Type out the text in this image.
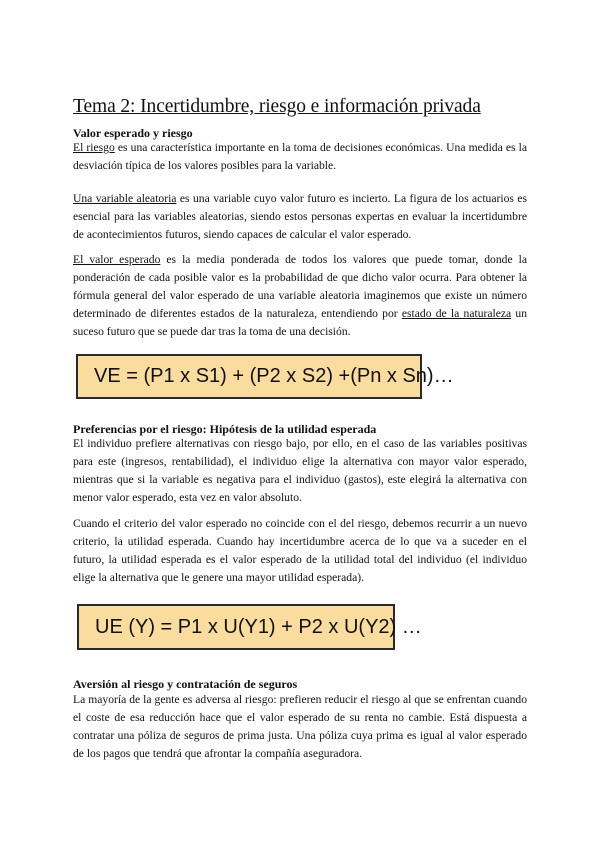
Tema 2: Incertidumbre, riesgo e información privada
Valor esperado y riesgo

El riesgo es una característica importante en la toma de decisiones económicas. Una medida es la desviación típica de los valores posibles para la variable.

Una variable aleatoria es una variable cuyo valor futuro es incierto. La figura de los actuarios es esencial para las variables aleatorias, siendo estos personas expertas en evaluar la incertidumbre de acontecimientos futuros, siendo capaces de calcular el valor esperado.

El valor esperado es la media ponderada de todos los valores que puede tomar, donde la ponderación de cada posible valor es la probabilidad de que dicho valor ocurra. Para obtener la fórmula general del valor esperado de una variable aleatoria imaginemos que existe un número determinado de diferentes estados de la naturaleza, entendiendo por estado de la naturaleza un suceso futuro que se puede dar tras la toma de una decisión.

VE = (P1 x S1) + (P2 x S2) +(Pn x Sn)…
Preferencias por el riesgo: Hipótesis de la utilidad esperada

El individuo prefiere alternativas con riesgo bajo, por ello, en el caso de las variables positivas para este (ingresos, rentabilidad), el individuo elige la alternativa con mayor valor esperado, mientras que si la variable es negativa para el individuo (gastos), este elegirá la alternativa con menor valor esperado, esta vez en valor absoluto.

Cuando el criterio del valor esperado no coincide con el del riesgo, debemos recurrir a un nuevo criterio, la utilidad esperada. Cuando hay incertidumbre acerca de lo que va a suceder en el futuro, la utilidad esperada es el valor esperado de la utilidad total del individuo (el individuo elige la alternativa que le genere una mayor utilidad esperada).

UE (Y) = P1 x U(Y1) + P2 x U(Y2) …
Aversión al riesgo y contratación de seguros

La mayoría de la gente es adversa al riesgo: prefieren reducir el riesgo al que se enfrentan cuando el coste de esa reducción hace que el valor esperado de su renta no cambie. Está dispuesta a contratar una póliza de seguros de prima justa. Una póliza cuya prima es igual al valor esperado de los pagos que tendrá que afrontar la compañía aseguradora.
